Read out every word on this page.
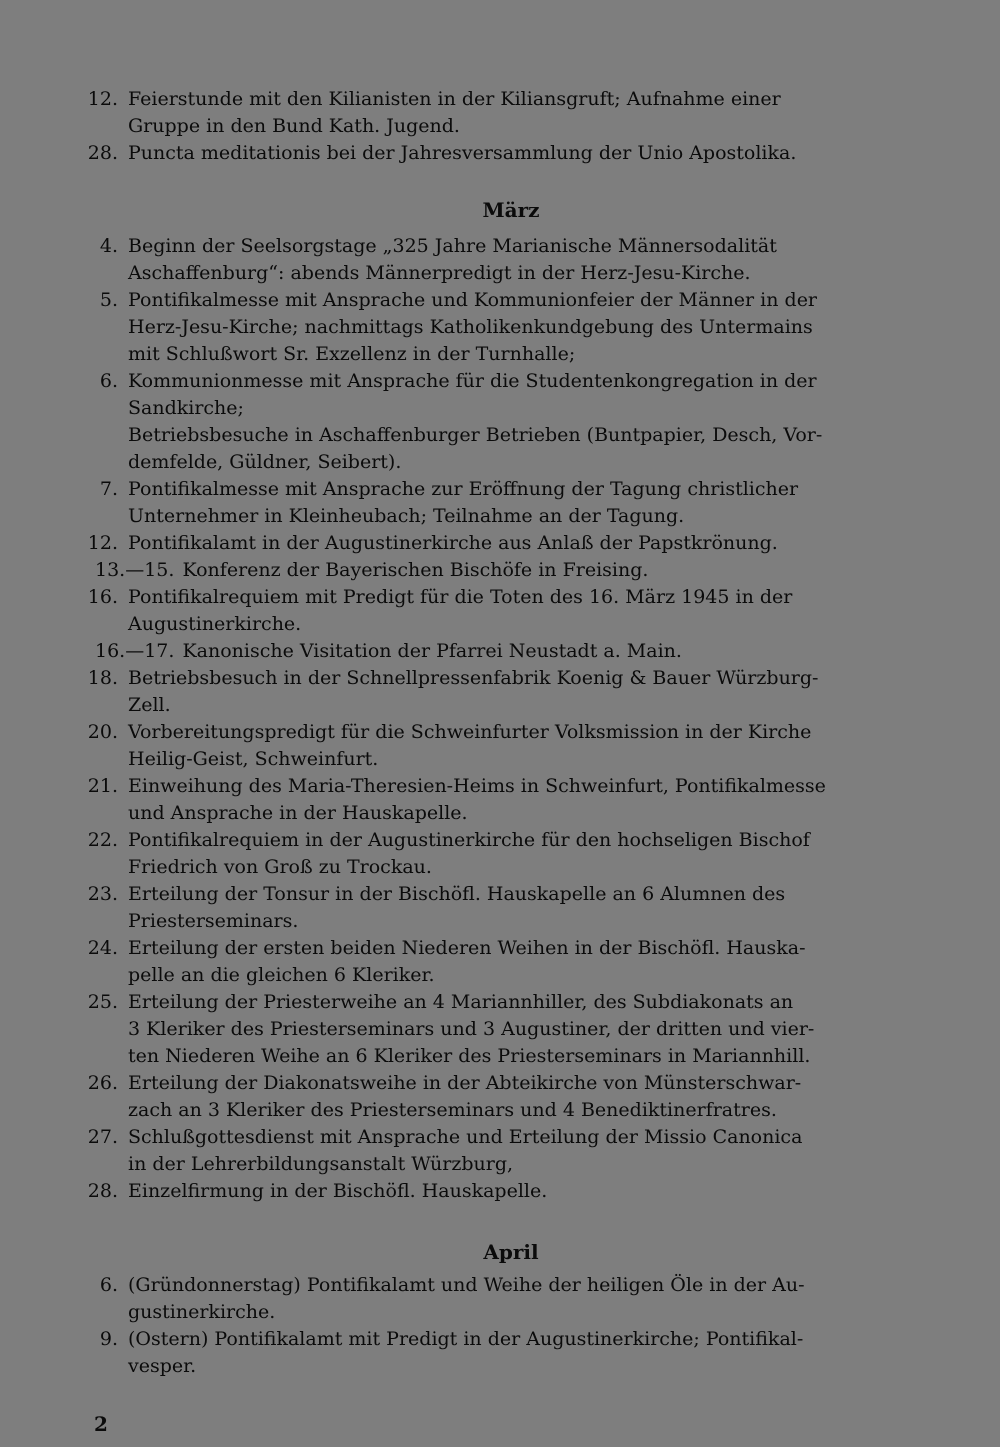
12. Feierstunde mit den Kilianisten in der Kiliansgruft; Aufnahme einer
Gruppe in den Bund Kath. Jugend.
28. Puncta meditationis bei der Jahresversammlung der Unio Apostolika.
März
4. Beginn der Seelsorgstage „325 Jahre Marianische Männersodalität
Aschaffenburg“: abends Männerpredigt in der Herz-Jesu-Kirche.
5. Pontifikalmesse mit Ansprache und Kommunionfeier der Männer in der
Herz-Jesu-Kirche; nachmittags Katholikenkundgebung des Untermains
mit Schlußwort Sr. Exzellenz in der Turnhalle;
6. Kommunionmesse mit Ansprache für die Studentenkongregation in der
Sandkirche;
Betriebsbesuche in Aschaffenburger Betrieben (Buntpapier, Desch, Vor-
demfelde, Güldner, Seibert).
7. Pontifikalmesse mit Ansprache zur Eröffnung der Tagung christlicher
Unternehmer in Kleinheubach; Teilnahme an der Tagung.
12. Pontifikalamt in der Augustinerkirche aus Anlaß der Papstkrönung.
13.—15. Konferenz der Bayerischen Bischöfe in Freising.
16. Pontifikalrequiem mit Predigt für die Toten des 16. März 1945 in der
Augustinerkirche.
16.—17. Kanonische Visitation der Pfarrei Neustadt a. Main.
18. Betriebsbesuch in der Schnellpressenfabrik Koenig & Bauer Würzburg-
Zell.
20. Vorbereitungspredigt für die Schweinfurter Volksmission in der Kirche
Heilig-Geist, Schweinfurt.
21. Einweihung des Maria-Theresien-Heims in Schweinfurt, Pontifikalmesse
und Ansprache in der Hauskapelle.
22. Pontifikalrequiem in der Augustinerkirche für den hochseligen Bischof
Friedrich von Groß zu Trockau.
23. Erteilung der Tonsur in der Bischöfl. Hauskapelle an 6 Alumnen des
Priesterseminars.
24. Erteilung der ersten beiden Niederen Weihen in der Bischöfl. Hauska-
pelle an die gleichen 6 Kleriker.
25. Erteilung der Priesterweihe an 4 Mariannhiller, des Subdiakonats an
3 Kleriker des Priesterseminars und 3 Augustiner, der dritten und vier-
ten Niederen Weihe an 6 Kleriker des Priesterseminars in Mariannhill.
26. Erteilung der Diakonatsweihe in der Abteikirche von Münsterschwar-
zach an 3 Kleriker des Priesterseminars und 4 Benediktinerfratres.
27. Schlußgottesdienst mit Ansprache und Erteilung der Missio Canonica
in der Lehrerbildungsanstalt Würzburg,
28. Einzelfirmung in der Bischöfl. Hauskapelle.
April
6. (Gründonnerstag) Pontifikalamt und Weihe der heiligen Öle in der Au-
gustinerkirche.
9. (Ostern) Pontifikalamt mit Predigt in der Augustinerkirche; Pontifikal-
vesper.
2
